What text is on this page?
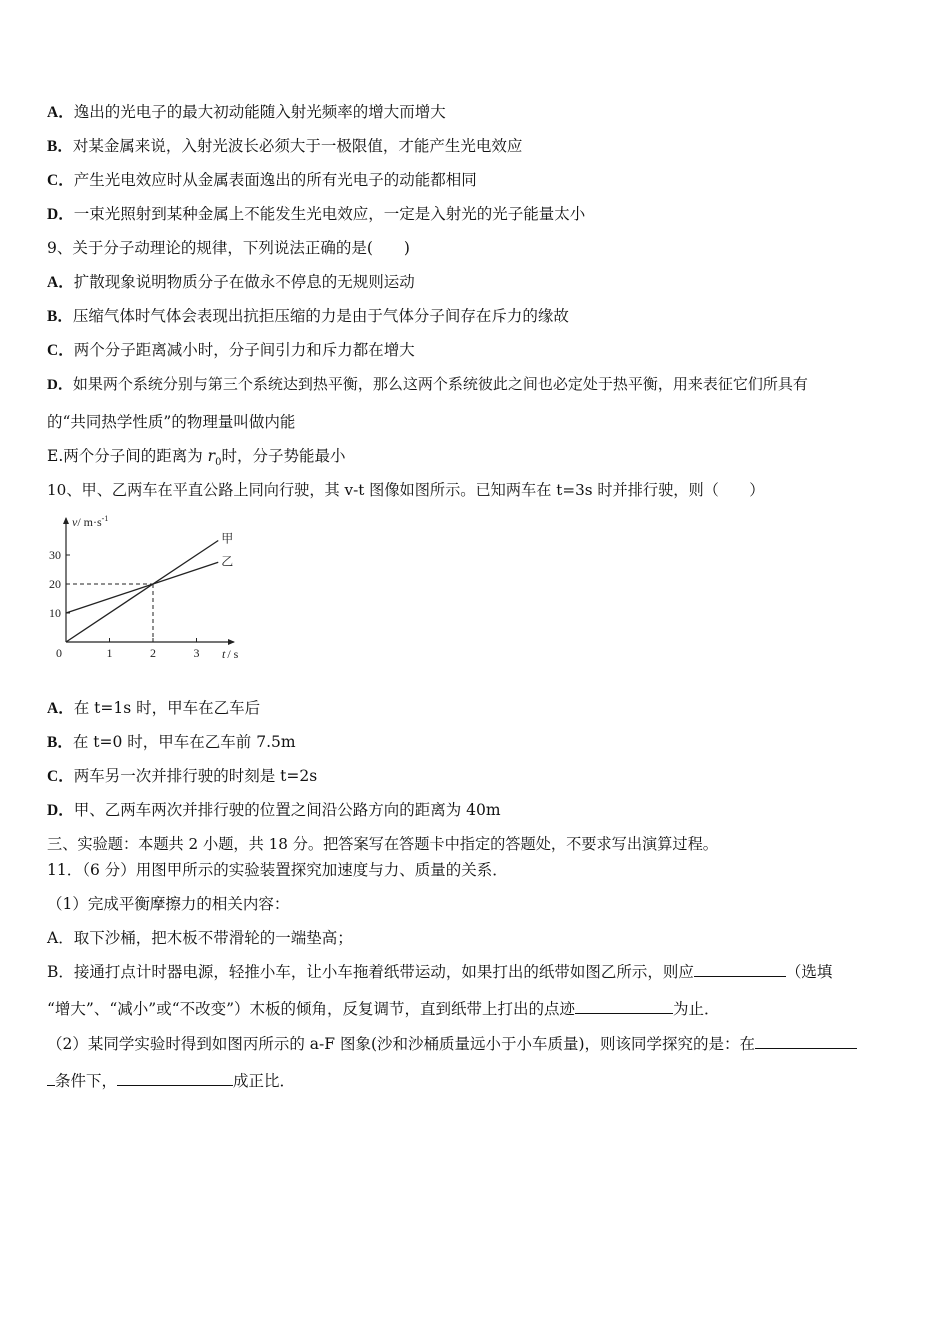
A．逸出的光电子的最大初动能随入射光频率的增大而增大
B．对某金属来说，入射光波长必须大于一极限值，才能产生光电效应
C．产生光电效应时从金属表面逸出的所有光电子的动能都相同
D．一束光照射到某种金属上不能发生光电效应，一定是入射光的光子能量太小
9、关于分子动理论的规律，下列说法正确的是(　　)
A．扩散现象说明物质分子在做永不停息的无规则运动
B．压缩气体时气体会表现出抗拒压缩的力是由于气体分子间存在斥力的缘故
C．两个分子距离减小时，分子间引力和斥力都在增大
D．如果两个系统分别与第三个系统达到热平衡，那么这两个系统彼此之间也必定处于热平衡，用来表征它们所具有
的“共同热学性质”的物理量叫做内能
E.两个分子间的距离为 $r_0$时，分子势能最小
10、甲、乙两车在平直公路上同向行驶，其 v-t 图像如图所示。已知两车在 t=3s 时并排行驶，则（　　）
1	2	3
10
20
30
甲
乙
v/ $m\cdot s^{-1}$
t / s
0
A．在 t=1s 时，甲车在乙车后
B．在 t=0 时，甲车在乙车前 7.5m
C．两车另一次并排行驶的时刻是 t=2s
D．甲、乙两车两次并排行驶的位置之间沿公路方向的距离为 40m
三、实验题：本题共 2 小题，共 18 分。把答案写在答题卡中指定的答题处，不要求写出演算过程。
11．（6 分）用图甲所示的实验装置探究加速度与力、质量的关系．
（1）完成平衡摩擦力的相关内容：
A．取下沙桶，把木板不带滑轮的一端垫高；
B．接通打点计时器电源，轻推小车，让小车拖着纸带运动，如果打出的纸带如图乙所示，则应	（选填
“增大”、“减小”或“不改变”）木板的倾角，反复调节，直到纸带上打出的点迹	为止．
（2）某同学实验时得到如图丙所示的 a-F 图象(沙和沙桶质量远小于小车质量)，则该同学探究的是：在
条件下，	成正比．
